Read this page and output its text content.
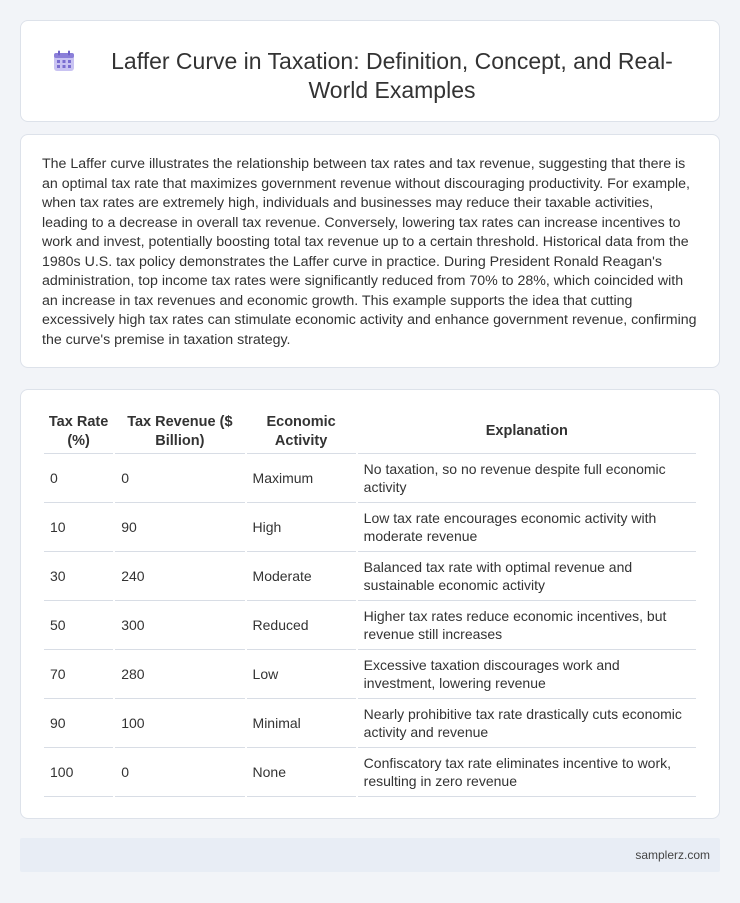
Laffer Curve in Taxation: Definition, Concept, and Real-World Examples

The Laffer curve illustrates the relationship between tax rates and tax revenue, suggesting that there is an optimal tax rate that maximizes government revenue without discouraging productivity. For example, when tax rates are extremely high, individuals and businesses may reduce their taxable activities, leading to a decrease in overall tax revenue. Conversely, lowering tax rates can increase incentives to work and invest, potentially boosting total tax revenue up to a certain threshold. Historical data from the 1980s U.S. tax policy demonstrates the Laffer curve in practice. During President Ronald Reagan's administration, top income tax rates were significantly reduced from 70% to 28%, which coincided with an increase in tax revenues and economic growth. This example supports the idea that cutting excessively high tax rates can stimulate economic activity and enhance government revenue, confirming the curve's premise in taxation strategy.

Tax Rate (%)	Tax Revenue ($ Billion)	Economic Activity	Explanation
0	0	Maximum	No taxation, so no revenue despite full economic activity
10	90	High	Low tax rate encourages economic activity with moderate revenue
30	240	Moderate	Balanced tax rate with optimal revenue and sustainable economic activity
50	300	Reduced	Higher tax rates reduce economic incentives, but revenue still increases
70	280	Low	Excessive taxation discourages work and investment, lowering revenue
90	100	Minimal	Nearly prohibitive tax rate drastically cuts economic activity and revenue
100	0	None	Confiscatory tax rate eliminates incentive to work, resulting in zero revenue
samplerz.com
